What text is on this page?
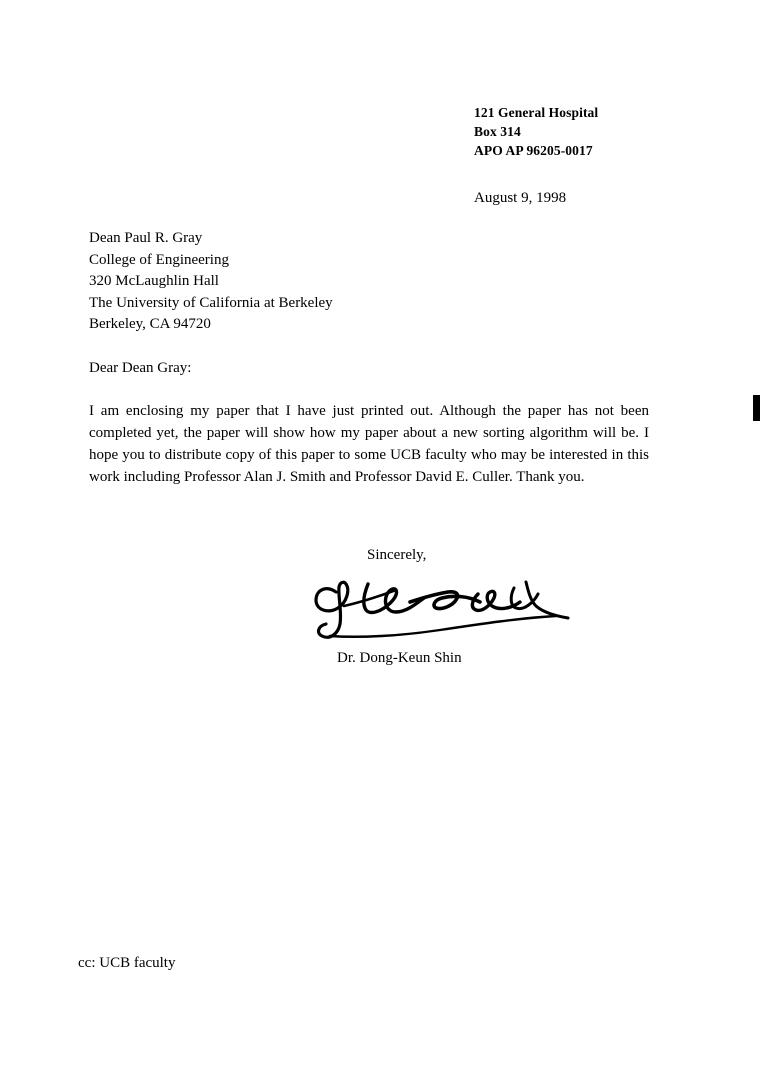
121 General Hospital
Box 314
APO AP 96205-0017
August 9, 1998
Dean Paul R. Gray
College of Engineering
320 McLaughlin Hall
The University of California at Berkeley
Berkeley, CA 94720
Dear Dean Gray:
I am enclosing my paper that I have just printed out. Although the paper has not been completed yet, the paper will show how my paper about a new sorting algorithm will be. I hope you to distribute copy of this paper to some UCB faculty who may be interested in this work including Professor Alan J. Smith and Professor David E. Culler. Thank you.
Sincerely,
Dr. Dong-Keun Shin
cc: UCB faculty
